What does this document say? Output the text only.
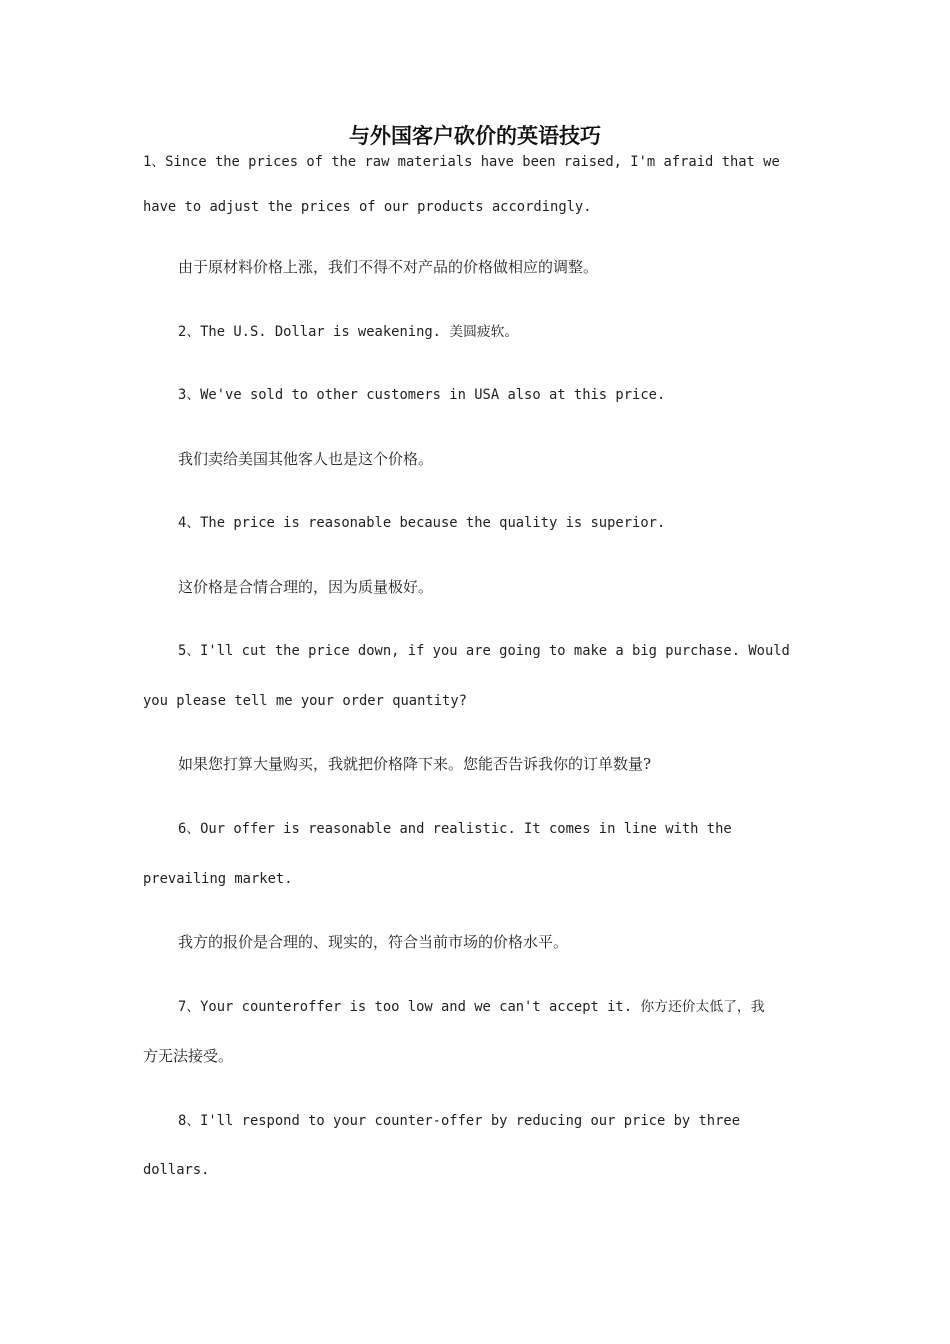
与外国客户砍价的英语技巧
1、Since the prices of the raw materials have been raised, I'm afraid that we
have to adjust the prices of our products accordingly.
由于原材料价格上涨，我们不得不对产品的价格做相应的调整。
2、The U.S. Dollar is weakening. 美圆疲软。
3、We've sold to other customers in USA also at this price.
我们卖给美国其他客人也是这个价格。
4、The price is reasonable because the quality is superior.
这价格是合情合理的，因为质量极好。
5、I'll cut the price down, if you are going to make a big purchase. Would
you please tell me your order quantity?
如果您打算大量购买，我就把价格降下来。您能否告诉我你的订单数量?
6、Our offer is reasonable and realistic. It comes in line with the
prevailing market.
我方的报价是合理的、现实的，符合当前市场的价格水平。
7、Your counteroffer is too low and we can't accept it. 你方还价太低了，我
方无法接受。
8、I'll respond to your counter-offer by reducing our price by three
dollars.
